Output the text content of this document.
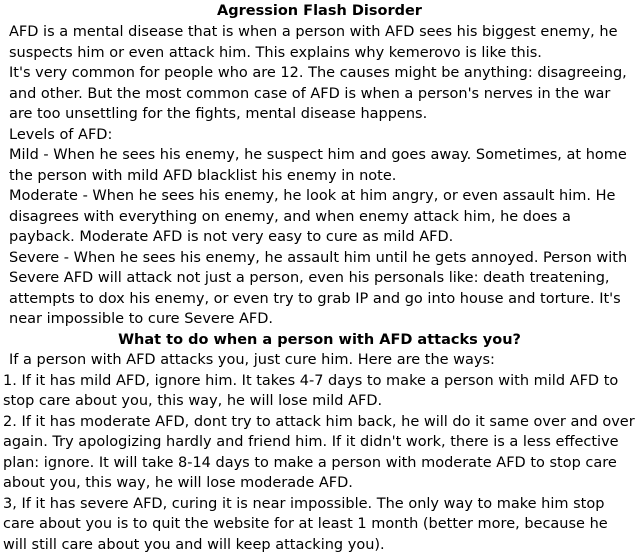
Agression Flash Disorder

AFD is a mental disease that is when a person with AFD sees his biggest enemy, he suspects him or even attack him. This explains why kemerovo is like this.

It's very common for people who are 12. The causes might be anything: disagreeing, and other. But the most common case of AFD is when a person's nerves in the war are too unsettling for the fights, mental disease happens.

Levels of AFD:

Mild - When he sees his enemy, he suspect him and goes away. Sometimes, at home the person with mild AFD blacklist his enemy in note.

Moderate - When he sees his enemy, he look at him angry, or even assault him. He disagrees with everything on enemy, and when enemy attack him, he does a payback. Moderate AFD is not very easy to cure as mild AFD.

Severe - When he sees his enemy, he assault him until he gets annoyed. Person with Severe AFD will attack not just a person, even his personals like: death treatening, attempts to dox his enemy, or even try to grab IP and go into house and torture. It's near impossible to cure Severe AFD.

What to do when a person with AFD attacks you?

If a person with AFD attacks you, just cure him. Here are the ways:

1. If it has mild AFD, ignore him. It takes 4-7 days to make a person with mild AFD to stop care about you, this way, he will lose mild AFD.

2. If it has moderate AFD, dont try to attack him back, he will do it same over and over again. Try apologizing hardly and friend him. If it didn't work, there is a less effective plan: ignore. It will take 8-14 days to make a person with moderate AFD to stop care about you, this way, he will lose moderade AFD.

3, If it has severe AFD, curing it is near impossible. The only way to make him stop care about you is to quit the website for at least 1 month (better more, because he will still care about you and will keep attacking you).
